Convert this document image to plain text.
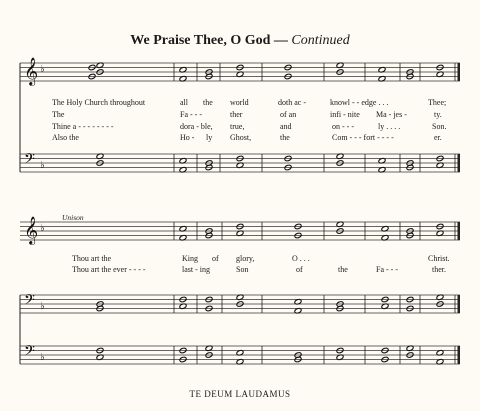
We Praise Thee, O God — Continued
𝄞 ♭
𝄢 ♭
𝄞 ♭
𝄢 ♭
𝄢 ♭
The Holy Church throughout	all the world	doth ac -	knowl - - edge . . .	Thee;
The	Fa - - -	ther	of an	infi - nite Ma - jes -	ty.
Thine a - - - - - - - -	dora - ble, true,	and	on - - -	ly . . . .	Son.
Also the	Ho - ly Ghost,	the	Com - - - fort - - - -	er.
Unison
Thou art the	King of glory,	O . . .	Christ.
Thou art the ever - - - -	last - ing	Son	of	the	Fa - - -	ther.
TE DEUM LAUDAMUS
